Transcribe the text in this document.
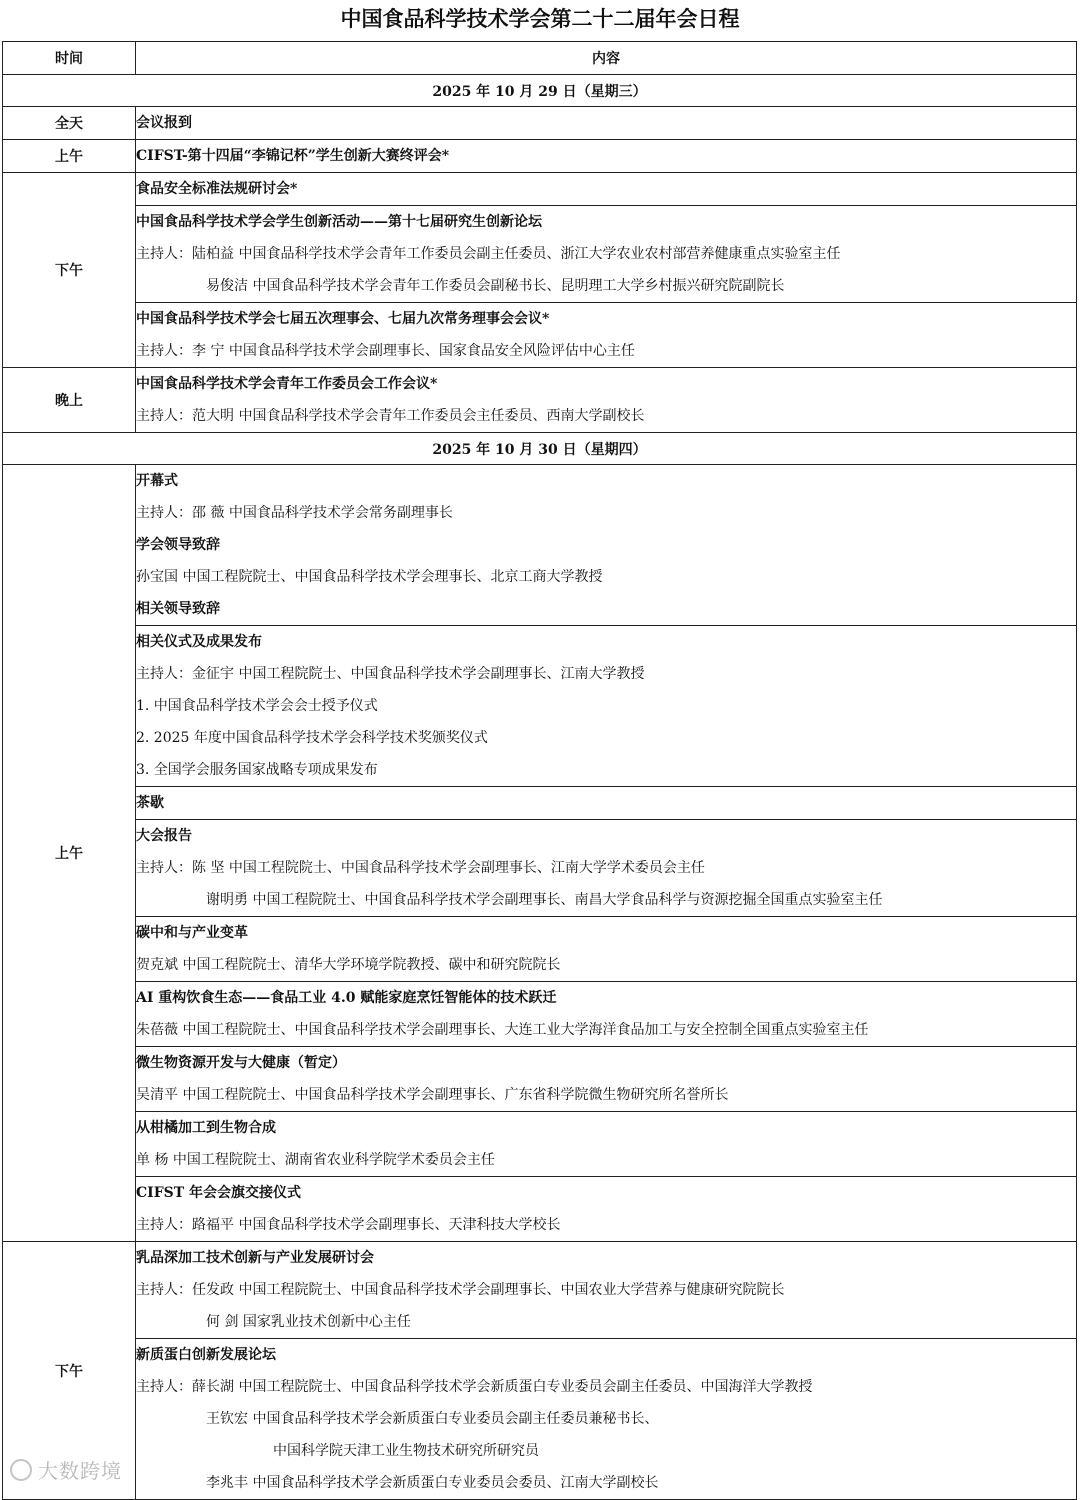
中国食品科学技术学会第二十二届年会日程
时间	内容
2025 年 10 月 29 日（星期三）	
全天	会议报到

上午	CIFST-第十四届“李锦记杯”学生创新大赛终评会*

下午	食品安全标准法规研讨会*

	中国食品科学技术学会学生创新活动——第十七届研究生创新论坛
主持人：陆柏益 中国食品科学技术学会青年工作委员会副主任委员、浙江大学农业农村部营养健康重点实验室主任
易俊洁 中国食品科学技术学会青年工作委员会副秘书长、昆明理工大学乡村振兴研究院副院长

	中国食品科学技术学会七届五次理事会、七届九次常务理事会会议*
主持人：李 宁 中国食品科学技术学会副理事长、国家食品安全风险评估中心主任

晚上	中国食品科学技术学会青年工作委员会工作会议*
主持人：范大明 中国食品科学技术学会青年工作委员会主任委员、西南大学副校长

2025 年 10 月 30 日（星期四）	
上午	开幕式
主持人：邵 薇 中国食品科学技术学会常务副理事长
学会领导致辞
孙宝国 中国工程院院士、中国食品科学技术学会理事长、北京工商大学教授
相关领导致辞

	相关仪式及成果发布
主持人：金征宇 中国工程院院士、中国食品科学技术学会副理事长、江南大学教授
1. 中国食品科学技术学会会士授予仪式
2. 2025 年度中国食品科学技术学会科学技术奖颁奖仪式
3. 全国学会服务国家战略专项成果发布

	茶歇

	大会报告
主持人：陈 坚 中国工程院院士、中国食品科学技术学会副理事长、江南大学学术委员会主任
谢明勇 中国工程院院士、中国食品科学技术学会副理事长、南昌大学食品科学与资源挖掘全国重点实验室主任

	碳中和与产业变革
贺克斌 中国工程院院士、清华大学环境学院教授、碳中和研究院院长

	AI 重构饮食生态——食品工业 4.0 赋能家庭烹饪智能体的技术跃迁
朱蓓薇 中国工程院院士、中国食品科学技术学会副理事长、大连工业大学海洋食品加工与安全控制全国重点实验室主任

	微生物资源开发与大健康（暂定）
吴清平 中国工程院院士、中国食品科学技术学会副理事长、广东省科学院微生物研究所名誉所长

	从柑橘加工到生物合成
单 杨 中国工程院院士、湖南省农业科学院学术委员会主任

	CIFST 年会会旗交接仪式
主持人：路福平 中国食品科学技术学会副理事长、天津科技大学校长

下午	乳品深加工技术创新与产业发展研讨会
主持人：任发政 中国工程院院士、中国食品科学技术学会副理事长、中国农业大学营养与健康研究院院长
何 剑 国家乳业技术创新中心主任

	新质蛋白创新发展论坛
主持人：薛长湖 中国工程院院士、中国食品科学技术学会新质蛋白专业委员会副主任委员、中国海洋大学教授
王钦宏 中国食品科学技术学会新质蛋白专业委员会副主任委员兼秘书长、
中国科学院天津工业生物技术研究所研究员
李兆丰 中国食品科学技术学会新质蛋白专业委员会委员、江南大学副校长
大数跨境
